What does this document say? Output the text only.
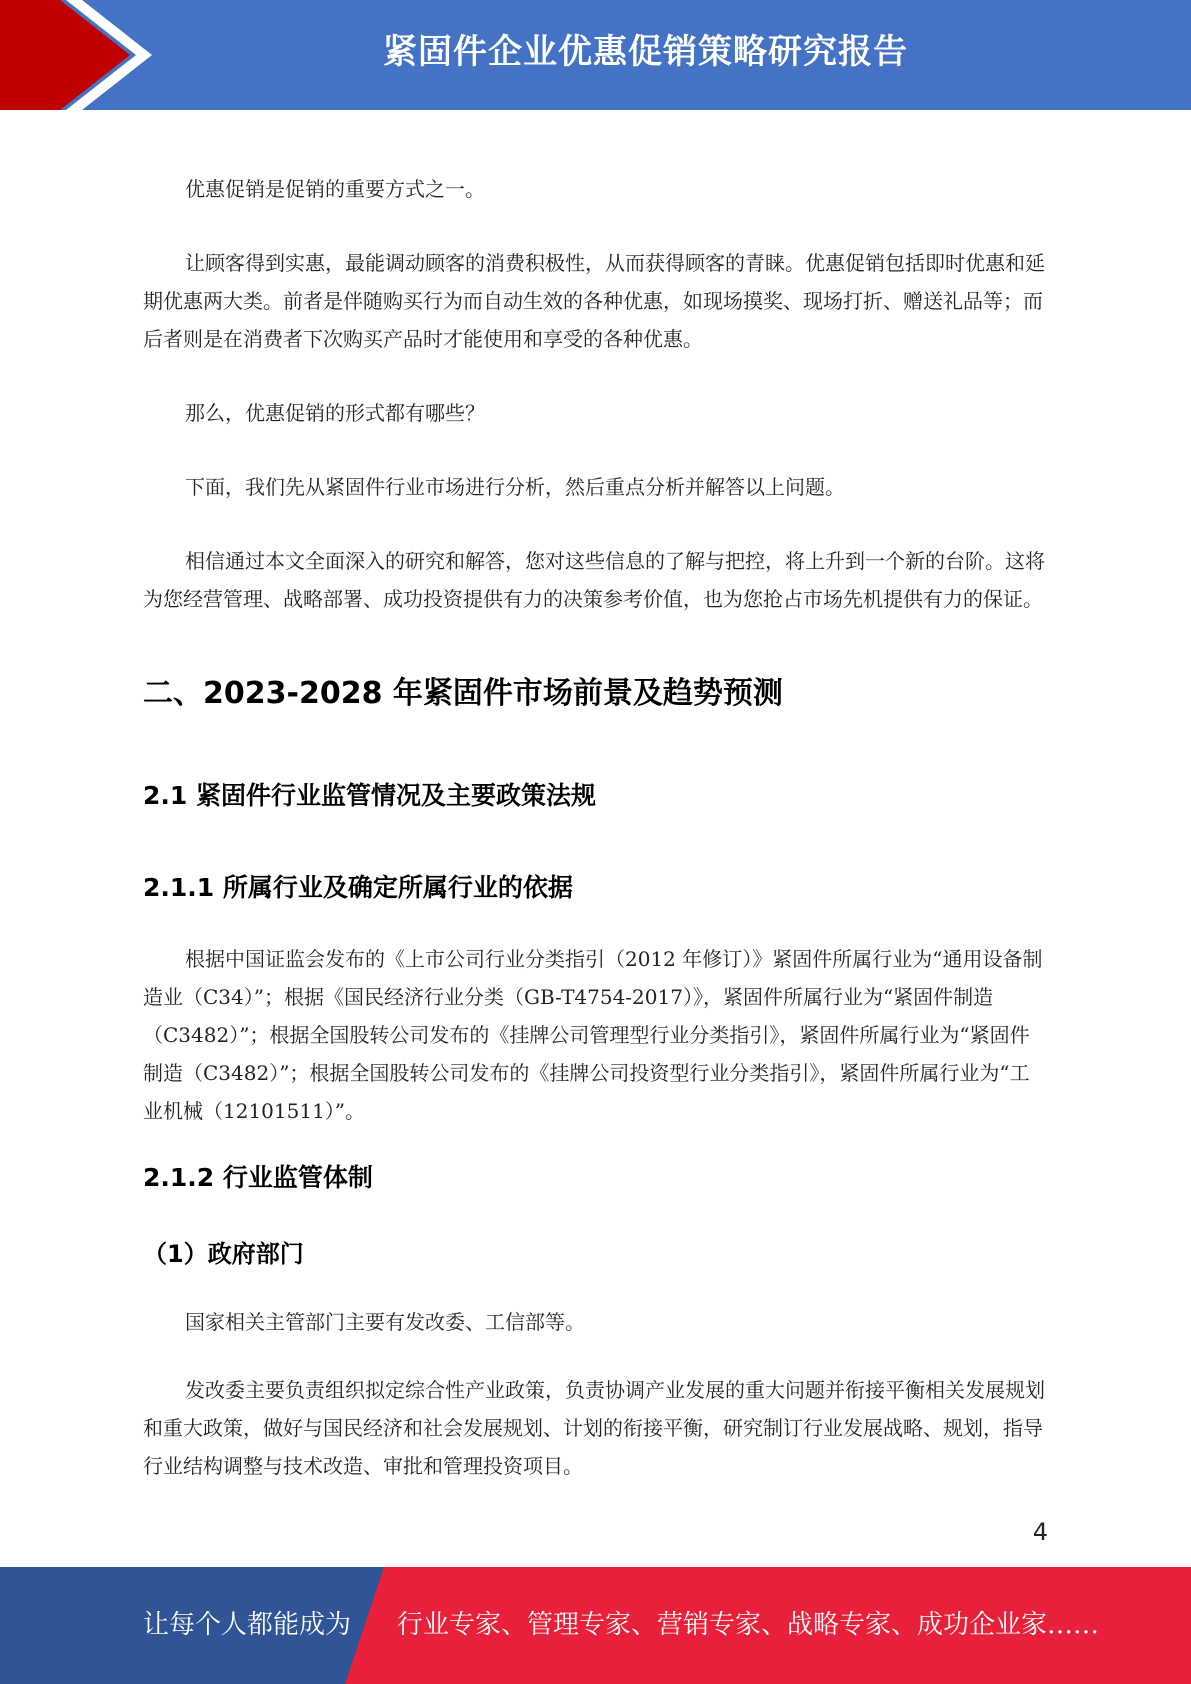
紧固件企业优惠促销策略研究报告

优惠促销是促销的重要方式之一。

让顾客得到实惠，最能调动顾客的消费积极性，从而获得顾客的青睐。优惠促销包括即时优惠和延期优惠两大类。前者是伴随购买行为而自动生效的各种优惠，如现场摸奖、现场打折、赠送礼品等；而后者则是在消费者下次购买产品时才能使用和享受的各种优惠。

那么，优惠促销的形式都有哪些？

下面，我们先从紧固件行业市场进行分析，然后重点分析并解答以上问题。

相信通过本文全面深入的研究和解答，您对这些信息的了解与把控，将上升到一个新的台阶。这将为您经营管理、战略部署、成功投资提供有力的决策参考价值，也为您抢占市场先机提供有力的保证。

二、2023-2028 年紧固件市场前景及趋势预测
2.1 紧固件行业监管情况及主要政策法规
2.1.1 所属行业及确定所属行业的依据

根据中国证监会发布的《上市公司行业分类指引（2012 年修订）》紧固件所属行业为“通用设备制造业（C34）”；根据《国民经济行业分类（GB-T4754-2017）》，紧固件所属行业为“紧固件制造（C3482）”；根据全国股转公司发布的《挂牌公司管理型行业分类指引》，紧固件所属行业为“紧固件制造（C3482）”；根据全国股转公司发布的《挂牌公司投资型行业分类指引》，紧固件所属行业为“工业机械（12101511）”。

2.1.2 行业监管体制
（1）政府部门

国家相关主管部门主要有发改委、工信部等。

发改委主要负责组织拟定综合性产业政策，负责协调产业发展的重大问题并衔接平衡相关发展规划和重大政策，做好与国民经济和社会发展规划、计划的衔接平衡，研究制订行业发展战略、规划，指导行业结构调整与技术改造、审批和管理投资项目。

4
让每个人都能成为 行业专家、管理专家、营销专家、战略专家、成功企业家……
